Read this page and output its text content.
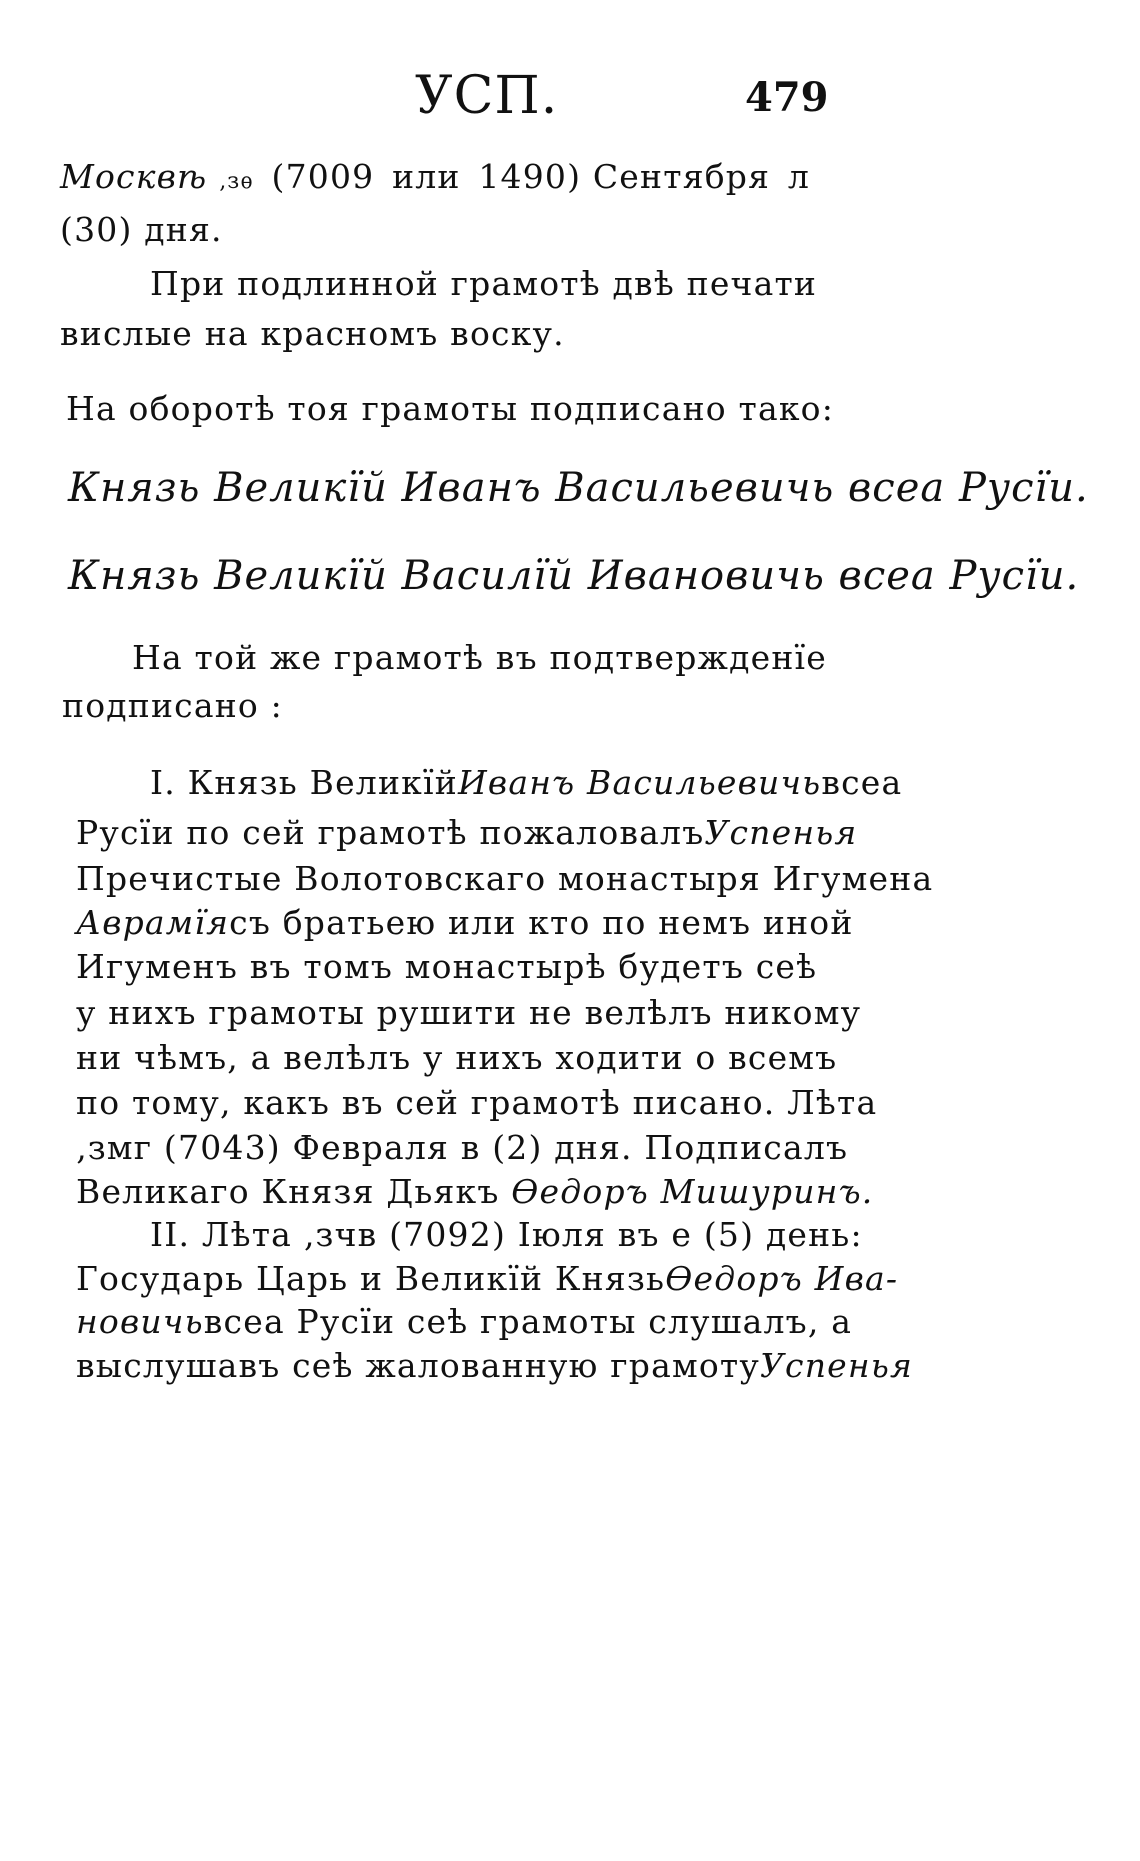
УСП.	479
Москвѣ ‚зѳ (7009 или 1490) Сентября л
(30) дня.
При подлинной грамотѣ двѣ печати
вислые на красномъ воску.
На оборотѣ тоя грамоты подписано тако:
Князь Великїй Иванъ Васильевичь всеа Русїи.
Князь Великїй Василїй Ивановичь всеа Русїи.
На той же грамотѣ въ подтвержденїе
подписано :
I. Князь Великїй Иванъ Васильевичь всеа
Русїи по сей грамотѣ пожаловалъ Успенья
Пречистые Волотовскаго монастыря Игумена
Аврамїя съ братьею или кто по немъ иной
Игуменъ въ томъ монастырѣ будетъ сеѣ
у нихъ грамоты рушити не велѣлъ никому
ни чѣмъ, а велѣлъ у нихъ ходити о всемъ
по тому, какъ въ сей грамотѣ писано. Лѣта
‚змг (7043) Февраля в (2) дня. Подписалъ
Великаго Князя Дьякъ Ѳедоръ Мишуринъ.
II. Лѣта ‚зчв (7092) Іюля въ е (5) день:
Государь Царь и Великїй Князь Ѳедоръ Ива-
новичь всеа Русїи сеѣ грамоты слушалъ, а
выслушавъ сеѣ жалованную грамоту Успенья
